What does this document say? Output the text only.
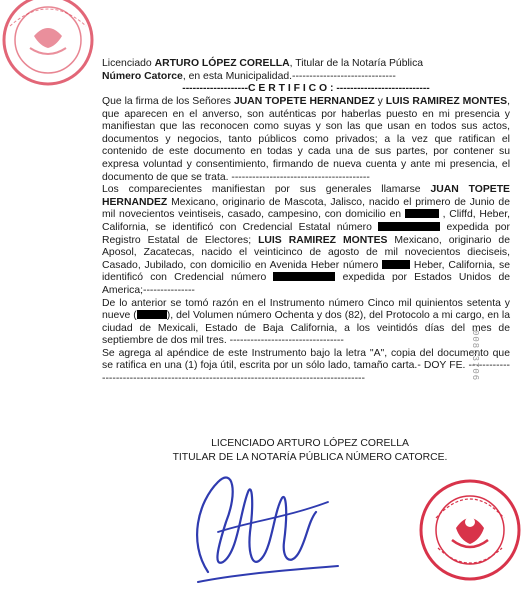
Licenciado ARTURO LÓPEZ CORELLA, Titular de la Notaría Pública

Número Catorce, en esta Municipalidad.------------------------------

-------------------C E R T I F I C O : ---------------------------

Que la firma de los Señores JUAN TOPETE HERNANDEZ y LUIS RAMIREZ MONTES, que aparecen en el anverso, son auténticas por haberlas puesto en mi presencia y manifiestan que las reconocen como suyas y son las que usan en todos sus actos, documentos y negocios, tanto públicos como privados; a la vez que ratifican el contenido de este documento en todas y cada una de sus partes, por contener su expresa voluntad y consentimiento, firmando de nueva cuenta y ante mi presencia, el documento de que se trata. ----------------------------------------

Los comparecientes manifiestan por sus generales llamarse JUAN TOPETE HERNANDEZ Mexicano, originario de Mascota, Jalisco, nacido el primero de Junio de mil novecientos veintiseis, casado, campesino, con domicilio en	, Cliffd, Heber, California, se identificó con Credencial Estatal número	expedida por Registro Estatal de Electores; LUIS RAMIREZ MONTES Mexicano, originario de Aposol, Zacatecas, nacido el veinticinco de agosto de mil novecientos dieciseis, Casado, Jubilado, con domicilio en Avenida Heber número	Heber, California, se identificó con Credencial número	expedida por Estados Unidos de America;---------------

De lo anterior se tomó razón en el Instrumento número Cinco mil quinientos setenta y nueve (	), del Volumen número Ochenta y dos (82), del Protocolo a mi cargo, en la ciudad de Mexicali, Estado de Baja California, a los veintidós días del mes de septiembre de dos mil tres. ---------------------------------

Se agrega al apéndice de este Instrumento bajo la letra "A", copia del documento que se ratifica en una (1) foja útil, escrita por un sólo lado, tamaño carta.- DOY FE. ----------------------------------------------------------------------------------------	00853706
LICENCIADO ARTURO LÓPEZ CORELLA
TITULAR DE LA NOTARÍA PÚBLICA NÚMERO CATORCE.
